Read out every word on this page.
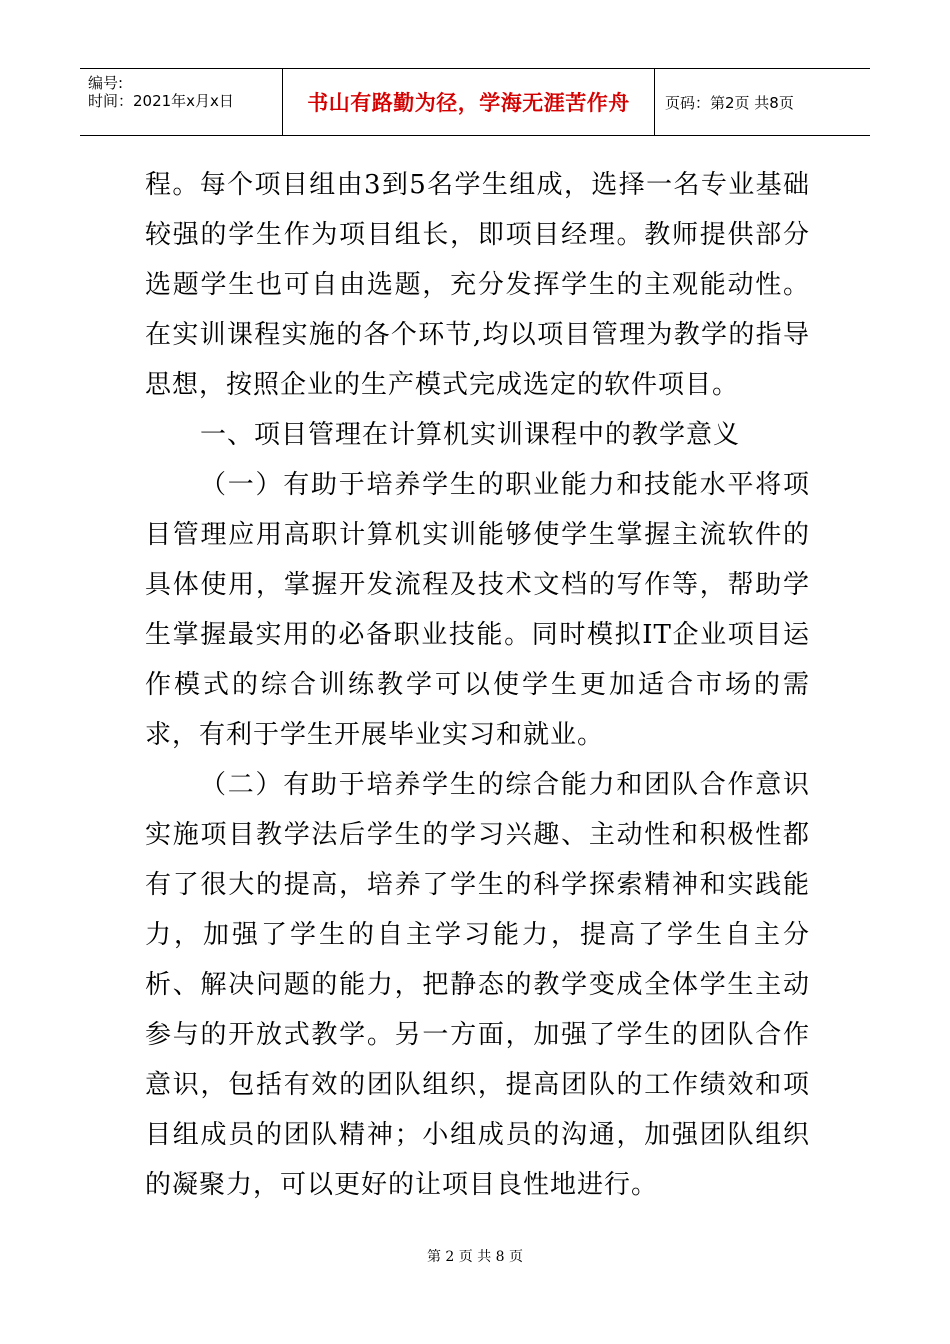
编号:
时间：2021年x月x日	书山有路勤为径，学海无涯苦作舟	页码：第2页 共8页

程。每个项目组由3到5名学生组成，选择一名专业基础较强的学生作为项目组长，即项目经理。教师提供部分选题学生也可自由选题，充分发挥学生的主观能动性。在实训课程实施的各个环节,均以项目管理为教学的指导思想，按照企业的生产模式完成选定的软件项目。

一、项目管理在计算机实训课程中的教学意义

（一）有助于培养学生的职业能力和技能水平将项目管理应用高职计算机实训能够使学生掌握主流软件的具体使用，掌握开发流程及技术文档的写作等，帮助学生掌握最实用的必备职业技能。同时模拟IT企业项目运作模式的综合训练教学可以使学生更加适合市场的需求，有利于学生开展毕业实习和就业。

（二）有助于培养学生的综合能力和团队合作意识实施项目教学法后学生的学习兴趣、主动性和积极性都有了很大的提高，培养了学生的科学探索精神和实践能力，加强了学生的自主学习能力，提高了学生自主分析、解决问题的能力，把静态的教学变成全体学生主动参与的开放式教学。另一方面，加强了学生的团队合作意识，包括有效的团队组织，提高团队的工作绩效和项目组成员的团队精神；小组成员的沟通，加强团队组织的凝聚力，可以更好的让项目良性地进行。

第 2 页 共 8 页
